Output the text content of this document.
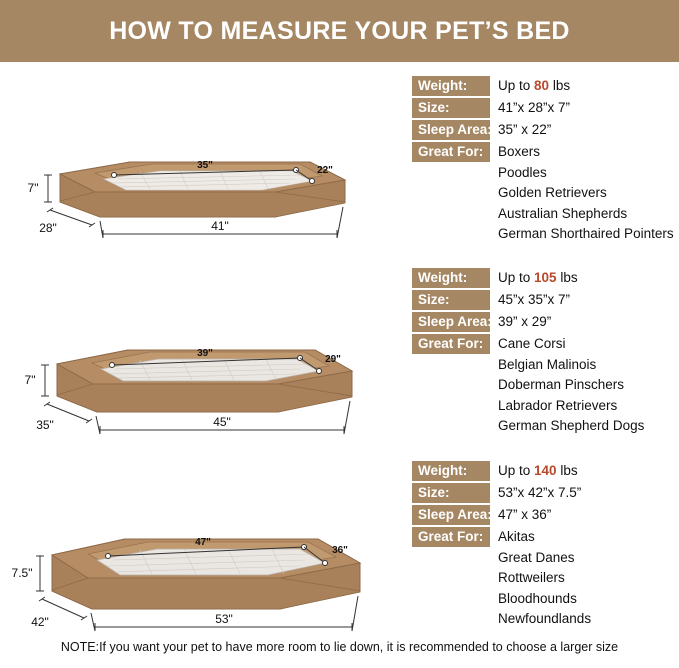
HOW TO MEASURE YOUR PET’S BED
35"	22"
7"
28"	41"
Weight:	Up to 80 lbs
Size:	41”x 28”x 7”
Sleep Area: 35” x 22”
Great For:	Boxers
Poodles
Golden Retrievers
Australian Shepherds
German Shorthaired Pointers
39"
29"
7"
35"	45"
Weight:	Up to 105 lbs
Size:	45”x 35”x 7”
Sleep Area: 39” x 29”
Great For:	Cane Corsi
Belgian Malinois
Doberman Pinschers
Labrador Retrievers
German Shepherd Dogs
47"
36"
7.5"
42"	53"
Weight:	Up to 140 lbs
Size:	53”x 42”x 7.5”
Sleep Area: 47” x 36”
Great For:	Akitas
Great Danes
Rottweilers
Bloodhounds
Newfoundlands
NOTE:If you want your pet to have more room to lie down, it is recommended to choose a larger size
